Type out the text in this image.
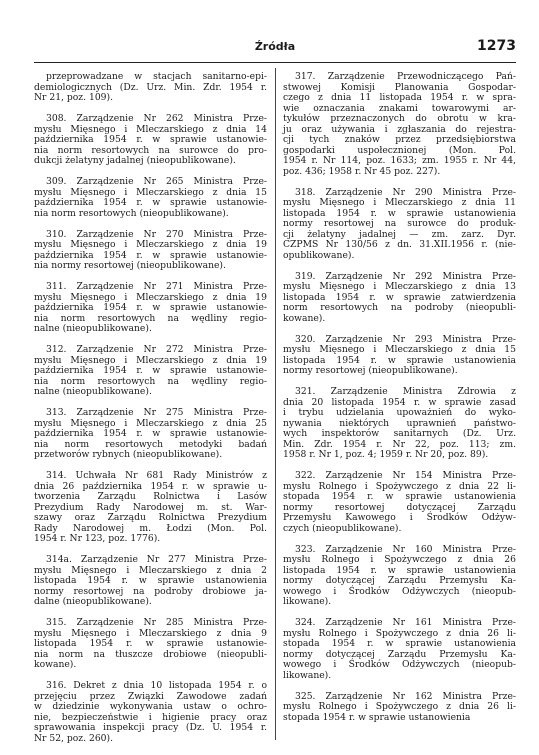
Źródła	1273
przeprowadzane w stacjach sanitarno-epi-
demiologicznych (Dz. Urz. Min. Zdr. 1954 r.
Nr 21, poz. 109).
308. Zarządzenie Nr 262 Ministra Prze-
mysłu Mięsnego i Mleczarskiego z dnia 14
października 1954 r. w sprawie ustanowie-
nia norm resortowych na surowce do pro-
dukcji żelatyny jadalnej (nieopublikowane).
309. Zarządzenie Nr 265 Ministra Prze-
mysłu Mięsnego i Mleczarskiego z dnia 15
października 1954 r. w sprawie ustanowie-
nia norm resortowych (nieopublikowane).
310. Zarządzenie Nr 270 Ministra Prze-
mysłu Mięsnego i Mleczarskiego z dnia 19
października 1954 r. w sprawie ustanowie-
nia normy resortowej (nieopublikowane).
311. Zarządzenie Nr 271 Ministra Prze-
mysłu Mięsnego i Mleczarskiego z dnia 19
października 1954 r. w sprawie ustanowie-
nia norm resortowych na wędliny regio-
nalne (nieopublikowane).
312. Zarządzenie Nr 272 Ministra Prze-
mysłu Mięsnego i Mleczarskiego z dnia 19
października 1954 r. w sprawie ustanowie-
nia norm resortowych na wędliny regio-
nalne (nieopublikowane).
313. Zarządzenie Nr 275 Ministra Prze-
mysłu Mięsnego i Mleczarskiego z dnia 25
października 1954 r. w sprawie ustanowie-
nia norm resortowych metodyki badań
przetworów rybnych (nieopublikowane).
314. Uchwała Nr 681 Rady Ministrów z
dnia 26 października 1954 r. w sprawie u-
tworzenia Zarządu Rolnictwa i Lasów
Prezydium Rady Narodowej m. st. War-
szawy oraz Zarządu Rolnictwa Prezydium
Rady Narodowej m. Łodzi (Mon. Pol.
1954 r. Nr 123, poz. 1776).
314a. Zarządzenie Nr 277 Ministra Prze-
mysłu Mięsnego i Mleczarskiego z dnia 2
listopada 1954 r. w sprawie ustanowienia
normy resortowej na podroby drobiowe ja-
dalne (nieopublikowane).
315. Zarządzenie Nr 285 Ministra Prze-
mysłu Mięsnego i Mleczarskiego z dnia 9
listopada 1954 r. w sprawie ustanowie-
nia norm na tłuszcze drobiowe (nieopubli-
kowane).
316. Dekret z dnia 10 listopada 1954 r. o
przejęciu przez Związki Zawodowe zadań
w dziedzinie wykonywania ustaw o ochro-
nie, bezpieczeństwie i higienie pracy oraz
sprawowania inspekcji pracy (Dz. U. 1954 r.
Nr 52, poz. 260).
317. Zarządzenie Przewodniczącego Pań-
stwowej Komisji Planowania Gospodar-
czego z dnia 11 listopada 1954 r. w spra-
wie oznaczania znakami towarowymi ar-
tykułów przeznaczonych do obrotu w kra-
ju oraz używania i zgłaszania do rejestra-
cji tych znaków przez przedsiębiorstwa
gospodarki uspołecznionej (Mon. Pol.
1954 r. Nr 114, poz. 1633; zm. 1955 r. Nr 44,
poz. 436; 1958 r. Nr 45 poz. 227).
318. Zarządzenie Nr 290 Ministra Prze-
mysłu Mięsnego i Mleczarskiego z dnia 11
listopada 1954 r. w sprawie ustanowienia
normy resortowej na surowce do produk-
cji żelatyny jadalnej — zm. zarz. Dyr.
CZPMS Nr 130/56 z dn. 31.XII.1956 r. (nie-
opublikowane).
319. Zarządzenie Nr 292 Ministra Prze-
mysłu Mięsnego i Mleczarskiego z dnia 13
listopada 1954 r. w sprawie zatwierdzenia
norm resortowych na podroby (nieopubli-
kowane).
320. Zarządzenie Nr 293 Ministra Prze-
mysłu Mięsnego i Mleczarskiego z dnia 15
listopada 1954 r. w sprawie ustanowienia
normy resortowej (nieopublikowane).
321. Zarządzenie Ministra Zdrowia z
dnia 20 listopada 1954 r. w sprawie zasad
i trybu udzielania upoważnień do wyko-
nywania niektórych uprawnień państwo-
wych inspektorów sanitarnych (Dz. Urz.
Min. Zdr. 1954 r. Nr 22, poz. 113; zm.
1958 r. Nr 1, poz. 4; 1959 r. Nr 20, poz. 89).
322. Zarządzenie Nr 154 Ministra Prze-
mysłu Rolnego i Spożywczego z dnia 22 li-
stopada 1954 r. w sprawie ustanowienia
normy resortowej dotyczącej Zarządu
Przemysłu Kawowego i Środków Odżyw-
czych (nieopublikowane).
323. Zarządzenie Nr 160 Ministra Prze-
mysłu Rolnego i Spożywczego z dnia 26
listopada 1954 r. w sprawie ustanowienia
normy dotyczącej Zarządu Przemysłu Ka-
wowego i Środków Odżywczych (nieopub-
likowane).
324. Zarządzenie Nr 161 Ministra Prze-
mysłu Rolnego i Spożywczego z dnia 26 li-
stopada 1954 r. w sprawie ustanowienia
normy dotyczącej Zarządu Przemysłu Ka-
wowego i Środków Odżywczych (nieopub-
likowane).
325. Zarządzenie Nr 162 Ministra Prze-
mysłu Rolnego i Spożywczego z dnia 26 li-
stopada 1954 r. w sprawie ustanowienia
